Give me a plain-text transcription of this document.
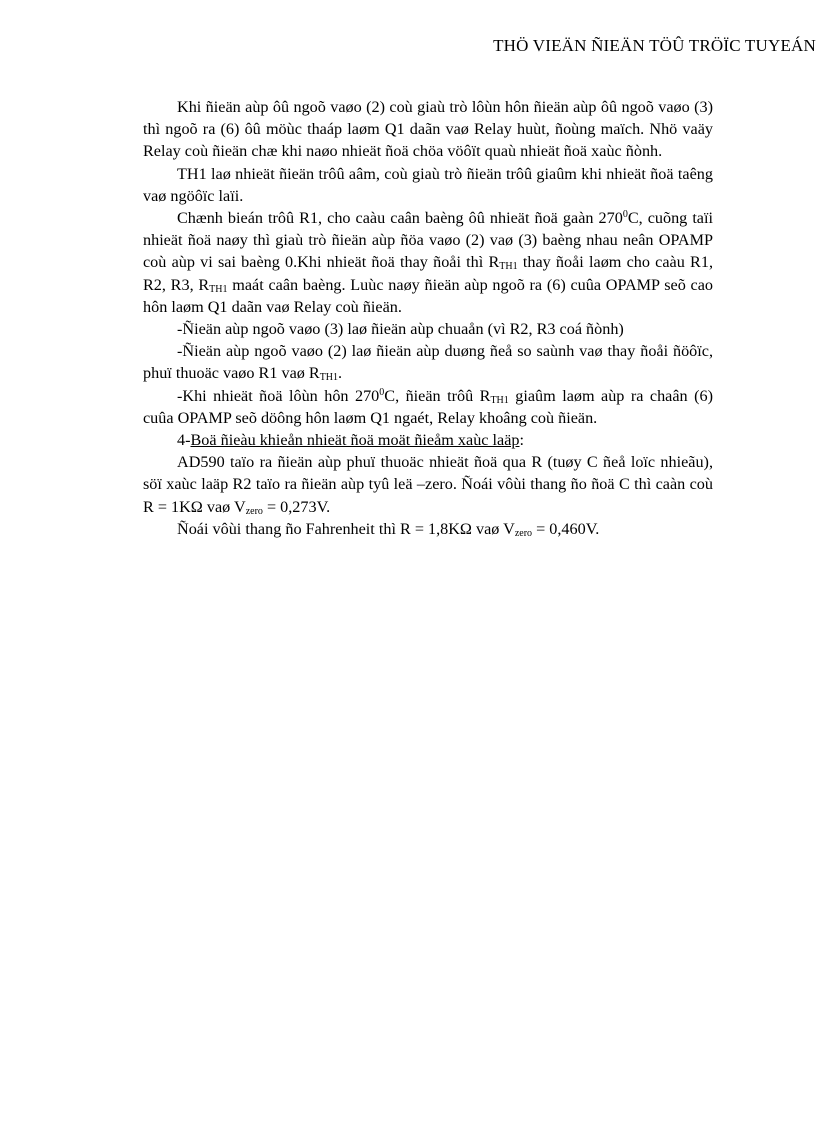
THÖ VIEÄN ÑIEÄN TÖÛ TRÖÏC TUYEÁN

Khi ñieän aùp ôû ngoõ vaøo (2) coù giaù trò lôùn hôn ñieän aùp ôû ngoõ vaøo (3) thì ngoõ ra (6) ôû möùc thaáp laøm Q1 daãn vaø Relay huùt, ñoùng maïch. Nhö vaäy Relay coù ñieän chæ khi naøo nhieät ñoä chöa vöôït quaù nhieät ñoä xaùc ñònh.

TH1 laø nhieät ñieän trôû aâm, coù giaù trò ñieän trôû giaûm khi nhieät ñoä taêng vaø ngöôïc laïi.

Chænh bieán trôû R1, cho caàu caân baèng ôû nhieät ñoä gaàn $270^0C$, cuõng taïi nhieät ñoä naøy thì giaù trò ñieän aùp ñöa vaøo (2) vaø (3) baèng nhau neân OPAMP coù aùp vi sai baèng 0.Khi nhieät ñoä thay ñoåi thì $R_{TH1}$ thay ñoåi laøm cho caàu R1, R2, R3, $R_{TH1}$ maát caân baèng. Luùc naøy ñieän aùp ngoõ ra (6) cuûa OPAMP seõ cao hôn laøm Q1 daãn vaø Relay coù ñieän.

-Ñieän aùp ngoõ vaøo (3) laø ñieän aùp chuaån (vì R2, R3 coá ñònh)

-Ñieän aùp ngoõ vaøo (2) laø ñieän aùp duøng ñeå so saùnh vaø thay ñoåi ñöôïc, phuï thuoäc vaøo R1 vaø $R_{TH1}$.

-Khi nhieät ñoä lôùn hôn $270^0C$, ñieän trôû $R_{TH1}$ giaûm laøm aùp ra chaân (6) cuûa OPAMP seõ döông hôn laøm Q1 ngaét, Relay khoâng coù ñieän.

4-Boä ñieàu khieån nhieät ñoä moät ñieåm xaùc laäp:

AD590 taïo ra ñieän aùp phuï thuoäc nhieät ñoä qua R (tuøy C ñeå loïc nhieãu), söï xaùc laäp R2 taïo ra ñieän aùp tyû leä –zero. Ñoái vôùi thang ño ñoä C thì caàn coù R = 1KΩ vaø $V_{zero} = 0,273V$.

Ñoái vôùi thang ño Fahrenheit thì R = 1,8KΩ vaø $V_{zero} = 0,460V$.
